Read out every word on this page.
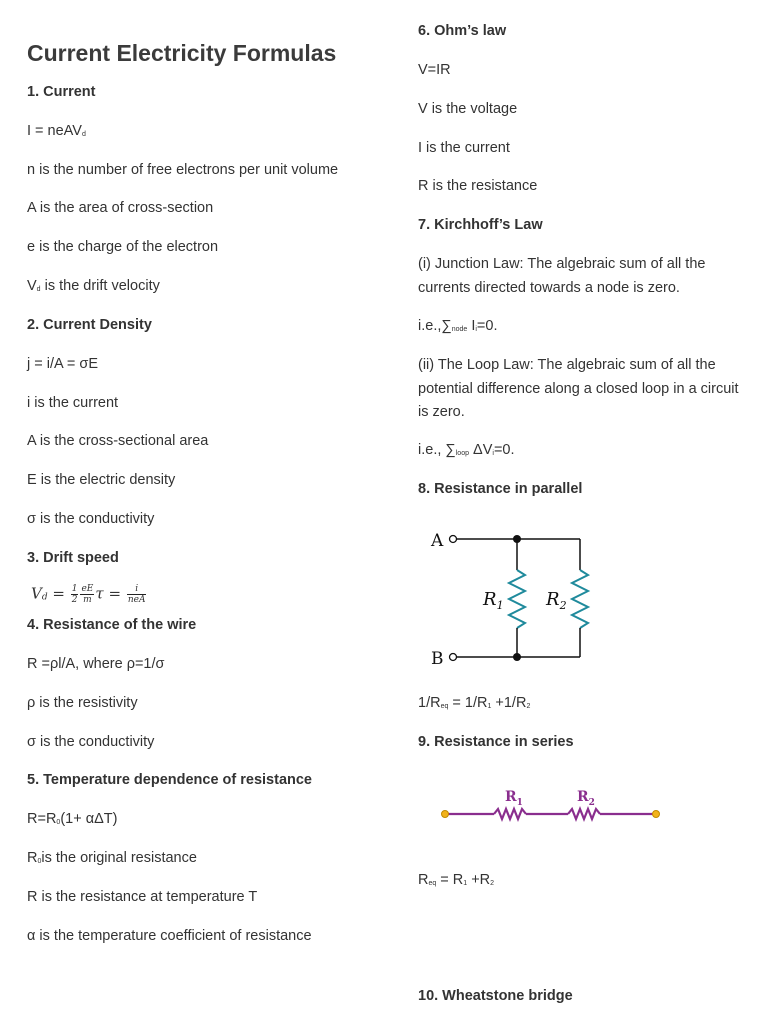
Current Electricity Formulas
1. Current
I = neAV$_d$
n is the number of free electrons per unit volume
A is the area of cross-section
e is the charge of the electron
$V_d$ is the drift velocity
2. Current Density
j = i/A = σE
i is the current
A is the cross-sectional area
E is the electric density
σ is the conductivity
3. Drift speed
$V_d = \frac{1}{2} \frac{eE}{m}$ $\tau = \frac{i}{\text{neA}}$
4. Resistance of the wire
R =ρl/A, where ρ=1/σ
ρ is the resistivity
σ is the conductivity
5. Temperature dependence of resistance
$R=R_0(1+ \alpha\Delta T)$
$R_0is$ the original resistance
R is the resistance at temperature T
α is the temperature coefficient of resistance
6. Ohm’s law
V=IR
V is the voltage
I is the current
R is the resistance
7. Kirchhoff’s Law
(i) Junction Law: The algebraic sum of all the currents directed towards a node is zero.
$i.e.,\sum_{node}$ $I_i=0$.
(ii) The Loop Law: The algebraic sum of all the potential difference along a closed loop in a circuit is zero.
i.e., $\sum_{loop}$ $\Delta V_i=0$.
8. Resistance in parallel
A
B
$R_1$ $R_2$
$1/R_{eq} = 1/R_1 +1/R_2$
9. Resistance in series
$R_1$	$R_2$
$R_{eq} = R_1 +R_2$
10. Wheatstone bridge
